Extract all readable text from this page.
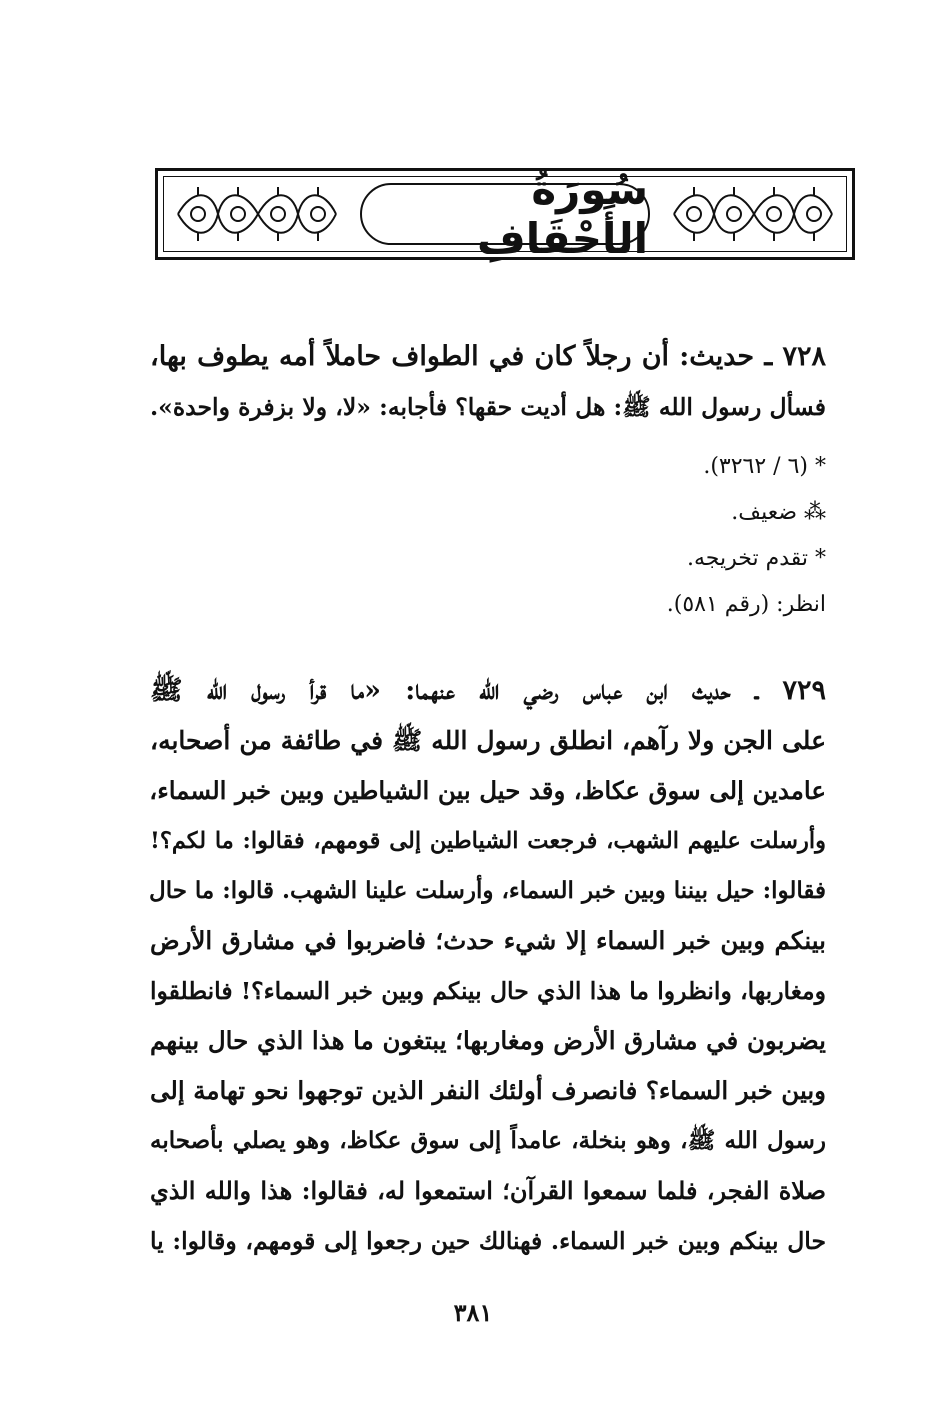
سُورَةُ الأَحْقَافِ
٧٢٨ ـ حديث: أن رجلاً كان في الطواف حاملاً أمه يطوف بها،
فسأل رسول الله ﷺ: هل أديت حقها؟ فأجابه: «لا، ولا بزفرة واحدة».
* (٦ / ٣٢٦٢).
⁂ ضعيف.
* تقدم تخريجه.
انظر: (رقم ٥٨١).
٧٢٩ ـ حديث ابن عباس رضي الله عنهما: «ما قرأ رسول الله ﷺ
على الجن ولا رآهم، انطلق رسول الله ﷺ في طائفة من أصحابه،
عامدين إلى سوق عكاظ، وقد حيل بين الشياطين وبين خبر السماء،
وأرسلت عليهم الشهب، فرجعت الشياطين إلى قومهم، فقالوا: ما لكم؟!
فقالوا: حيل بيننا وبين خبر السماء، وأرسلت علينا الشهب. قالوا: ما حال
بينكم وبين خبر السماء إلا شيء حدث؛ فاضربوا في مشارق الأرض
ومغاربها، وانظروا ما هذا الذي حال بينكم وبين خبر السماء؟! فانطلقوا
يضربون في مشارق الأرض ومغاربها؛ يبتغون ما هذا الذي حال بينهم
وبين خبر السماء؟ فانصرف أولئك النفر الذين توجهوا نحو تهامة إلى
رسول الله ﷺ، وهو بنخلة، عامداً إلى سوق عكاظ، وهو يصلي بأصحابه
صلاة الفجر، فلما سمعوا القرآن؛ استمعوا له، فقالوا: هذا والله الذي
حال بينكم وبين خبر السماء. فهنالك حين رجعوا إلى قومهم، وقالوا: يا
٣٨١
